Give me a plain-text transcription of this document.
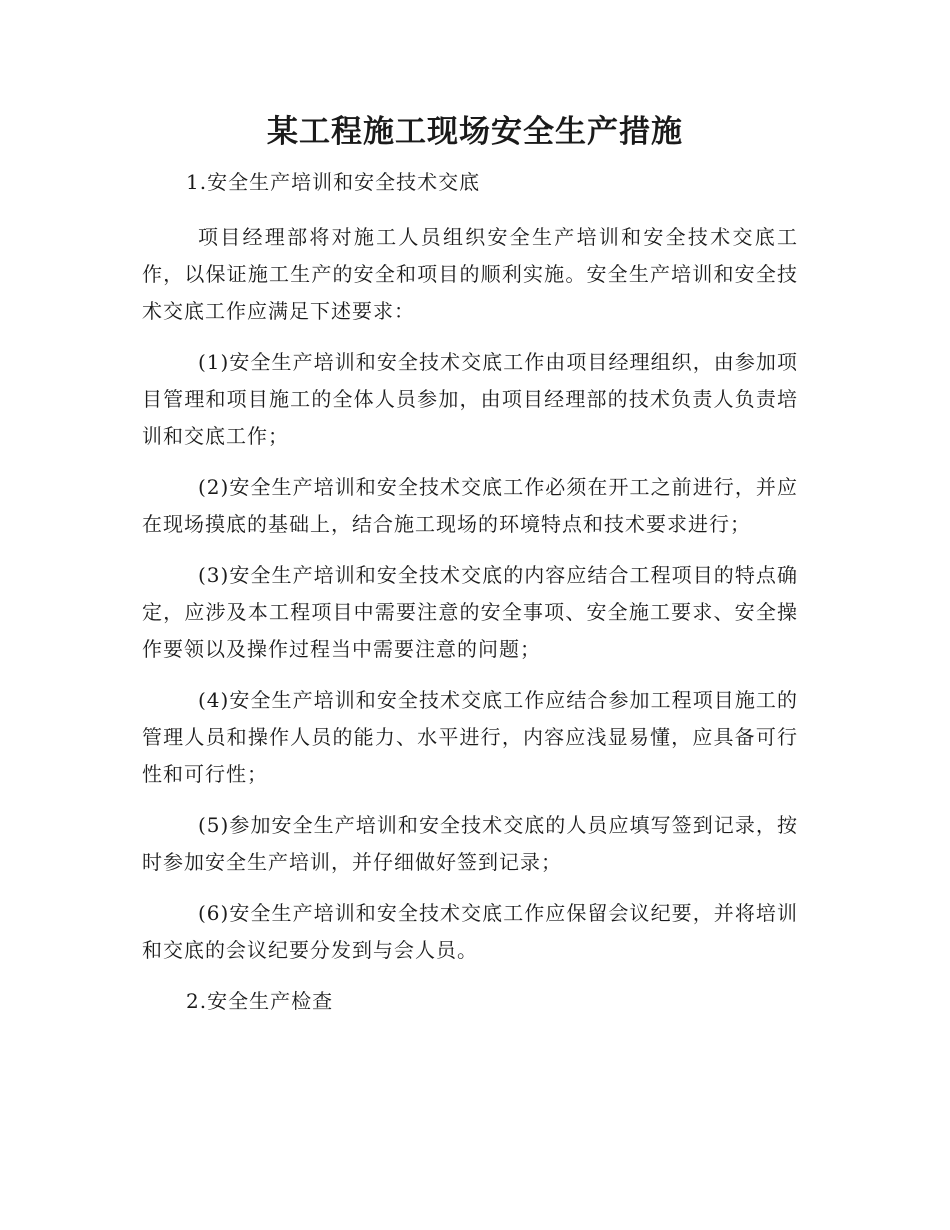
某工程施工现场安全生产措施

1.安全生产培训和安全技术交底

项目经理部将对施工人员组织安全生产培训和安全技术交底工作，以保证施工生产的安全和项目的顺利实施。安全生产培训和安全技术交底工作应满足下述要求：

(1)安全生产培训和安全技术交底工作由项目经理组织，由参加项目管理和项目施工的全体人员参加，由项目经理部的技术负责人负责培训和交底工作；

(2)安全生产培训和安全技术交底工作必须在开工之前进行，并应在现场摸底的基础上，结合施工现场的环境特点和技术要求进行；

(3)安全生产培训和安全技术交底的内容应结合工程项目的特点确定，应涉及本工程项目中需要注意的安全事项、安全施工要求、安全操作要领以及操作过程当中需要注意的问题；

(4)安全生产培训和安全技术交底工作应结合参加工程项目施工的管理人员和操作人员的能力、水平进行，内容应浅显易懂，应具备可行性和可行性；

(5)参加安全生产培训和安全技术交底的人员应填写签到记录，按时参加安全生产培训，并仔细做好签到记录；

(6)安全生产培训和安全技术交底工作应保留会议纪要，并将培训和交底的会议纪要分发到与会人员。

2.安全生产检查
